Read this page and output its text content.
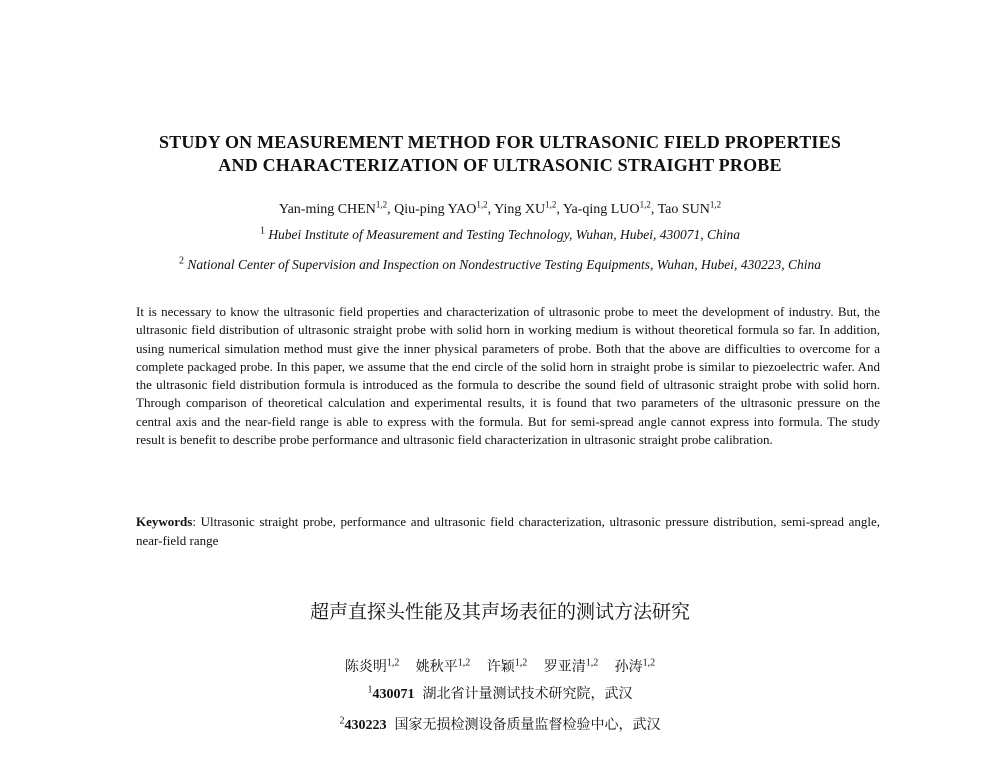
STUDY ON MEASUREMENT METHOD FOR ULTRASONIC FIELD PROPERTIES
AND CHARACTERIZATION OF ULTRASONIC STRAIGHT PROBE
Yan-ming CHEN$^{1,2}$, Qiu-ping YAO$^{1,2}$, Ying XU$^{1,2}$, Ya-qing LUO$^{1,2}$, Tao SUN$^{1,2}$
$^1$ Hubei Institute of Measurement and Testing Technology, Wuhan, Hubei, 430071, China
$^2$ National Center of Supervision and Inspection on Nondestructive Testing Equipments, Wuhan, Hubei, 430223, China
It is necessary to know the ultrasonic field properties and characterization of ultrasonic probe to meet the development of industry. But, the ultrasonic field distribution of ultrasonic straight probe with solid horn in working medium is without theoretical formula so far. In addition, using numerical simulation method must give the inner physical parameters of probe. Both that the above are difficulties to overcome for a complete packaged probe. In this paper, we assume that the end circle of the solid horn in straight probe is similar to piezoelectric wafer. And the ultrasonic field distribution formula is introduced as the formula to describe the sound field of ultrasonic straight probe with solid horn. Through comparison of theoretical calculation and experimental results, it is found that two parameters of the ultrasonic pressure on the central axis and the near-field range is able to express with the formula. But for semi-spread angle cannot express into formula. The study result is benefit to describe probe performance and ultrasonic field characterization in ultrasonic straight probe calibration.
Keywords: Ultrasonic straight probe, performance and ultrasonic field characterization, ultrasonic pressure distribution, semi-spread angle, near-field range
超声直探头性能及其声场表征的测试方法研究
陈炎明$^{1,2}$ 姚秋平$^{1,2}$ 许颖$^{1,2}$ 罗亚清$^{1,2}$ 孙涛$^{1,2}$
$^1$430071 湖北省计量测试技术研究院，武汉
$^2$430223 国家无损检测设备质量监督检验中心，武汉
